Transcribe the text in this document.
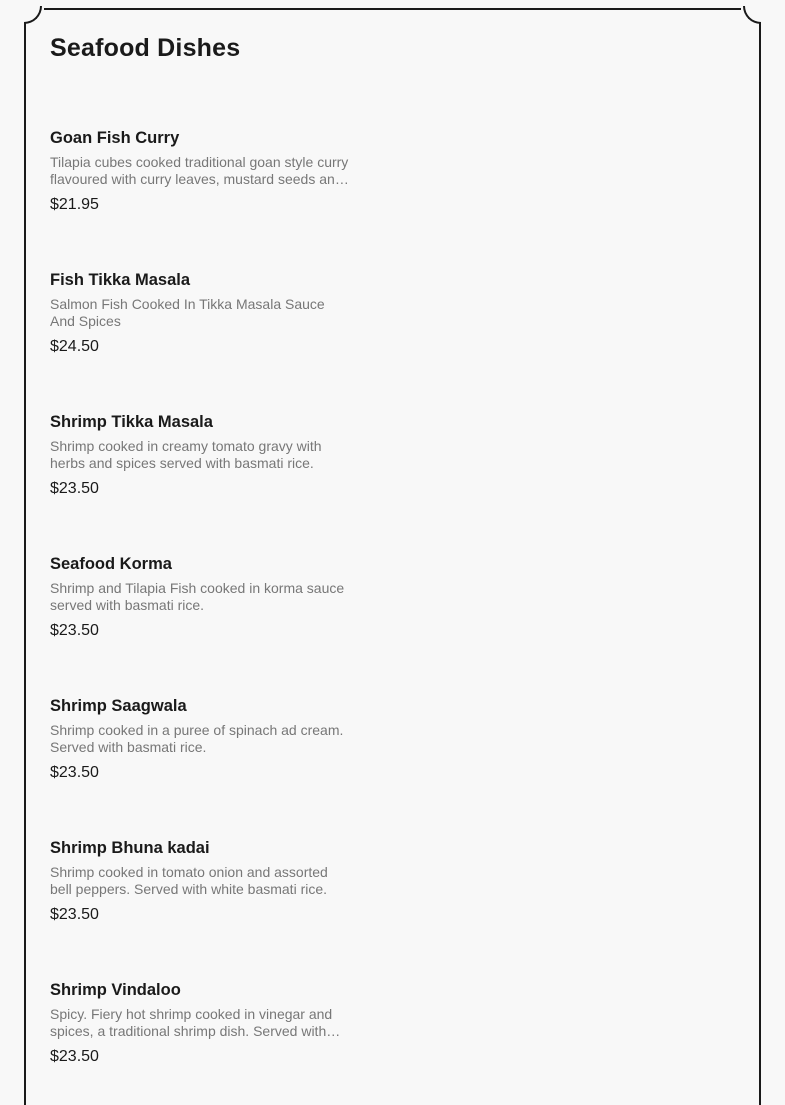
Seafood Dishes
Goan Fish Curry

Tilapia cubes cooked traditional goan style curry flavoured with curry leaves, mustard seeds and

$21.95

Fish Tikka Masala

Salmon Fish Cooked In Tikka Masala Sauce And Spices

$24.50

Shrimp Tikka Masala

Shrimp cooked in creamy tomato gravy with herbs and spices served with basmati rice.

$23.50

Seafood Korma

Shrimp and Tilapia Fish cooked in korma sauce served with basmati rice.

$23.50

Shrimp Saagwala

Shrimp cooked in a puree of spinach ad cream. Served with basmati rice.

$23.50

Shrimp Bhuna kadai

Shrimp cooked in tomato onion and assorted bell peppers. Served with white basmati rice.

$23.50

Shrimp Vindaloo

Spicy. Fiery hot shrimp cooked in vinegar and spices, a traditional shrimp dish. Served with

$23.50
